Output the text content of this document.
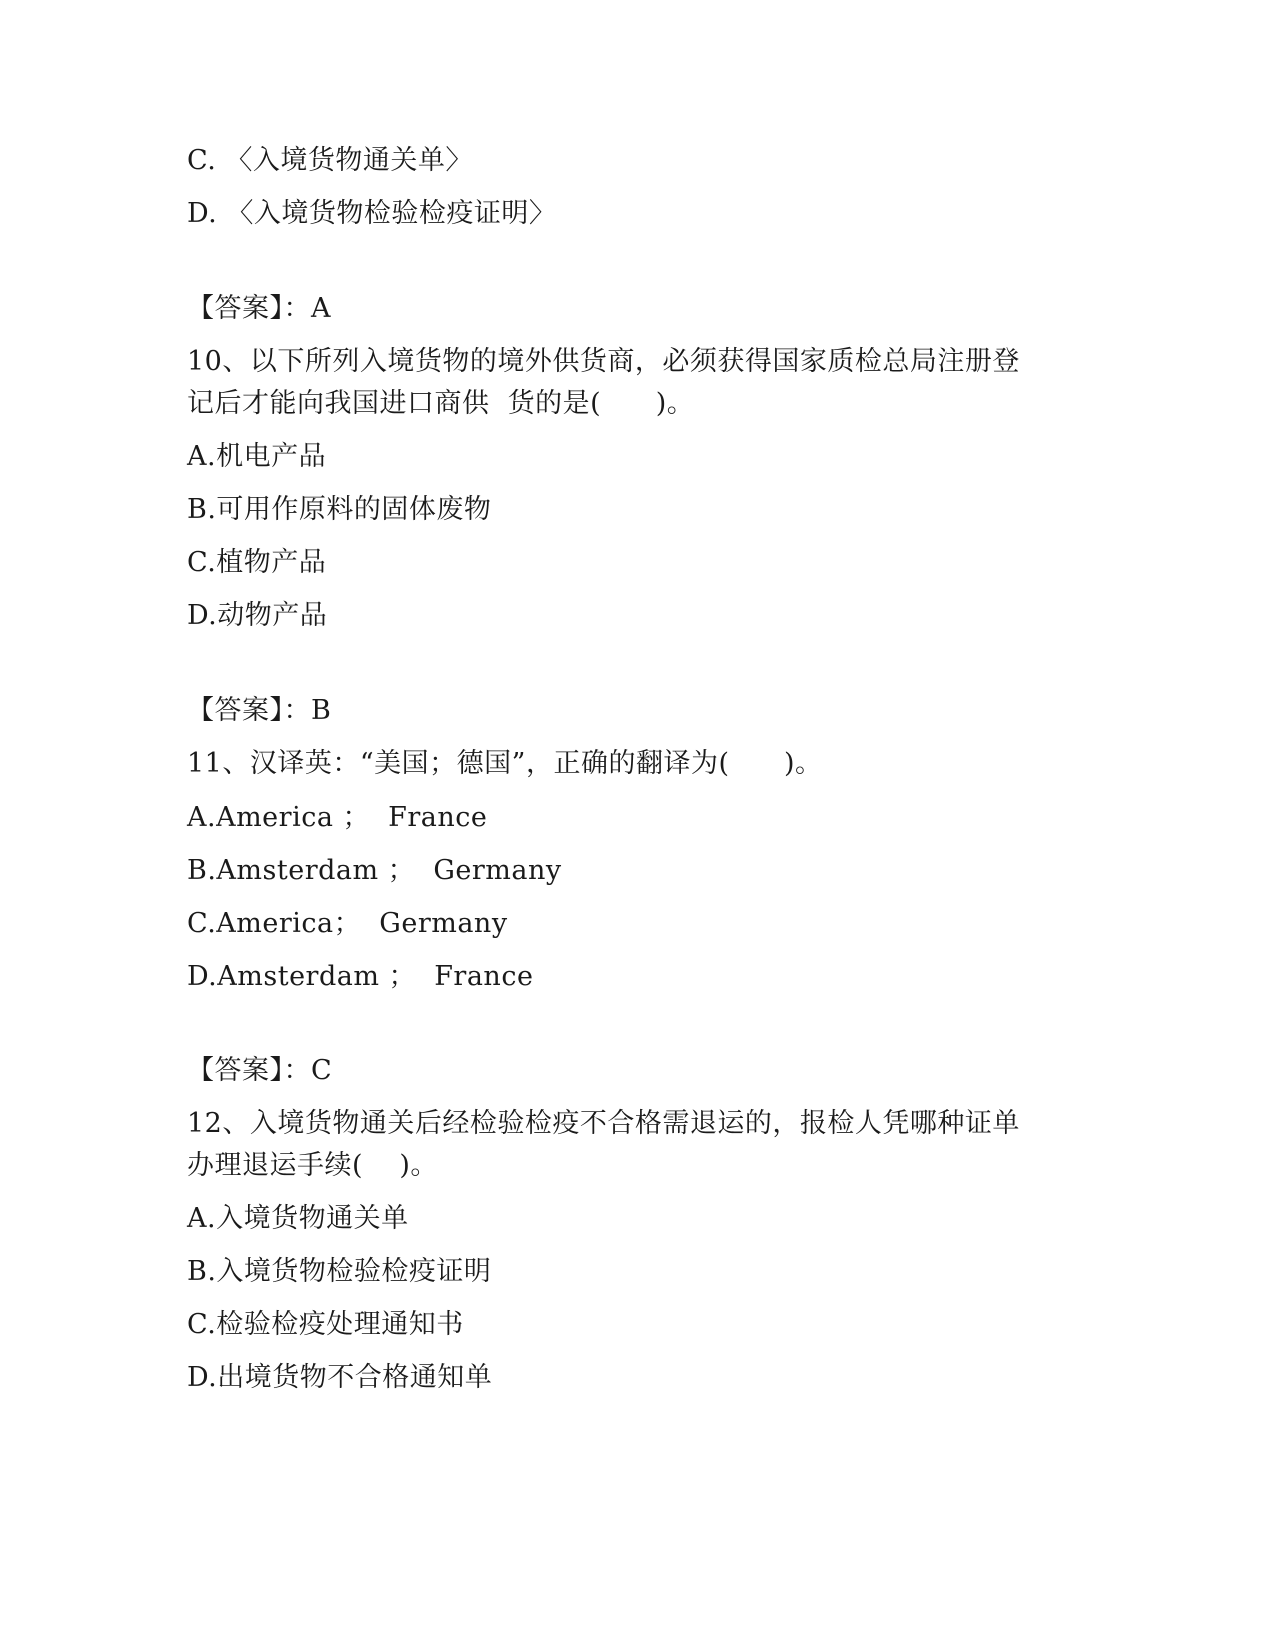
C. 〈入境货物通关单〉
D. 〈入境货物检验检疫证明〉
【答案】：A
10、以下所列入境货物的境外供货商，必须获得国家质检总局注册登
记后才能向我国进口商供  货的是(      )。
A.机电产品
B.可用作原料的固体废物
C.植物产品
D.动物产品
【答案】：B
11、汉译英：“美国；德国”，正确的翻译为(      )。
A.America ；  France
B.Amsterdam ；  Germany
C.America；  Germany
D.Amsterdam ；  France
【答案】：C
12、入境货物通关后经检验检疫不合格需退运的，报检人凭哪种证单
办理退运手续(    )。
A.入境货物通关单
B.入境货物检验检疫证明
C.检验检疫处理通知书
D.出境货物不合格通知单
